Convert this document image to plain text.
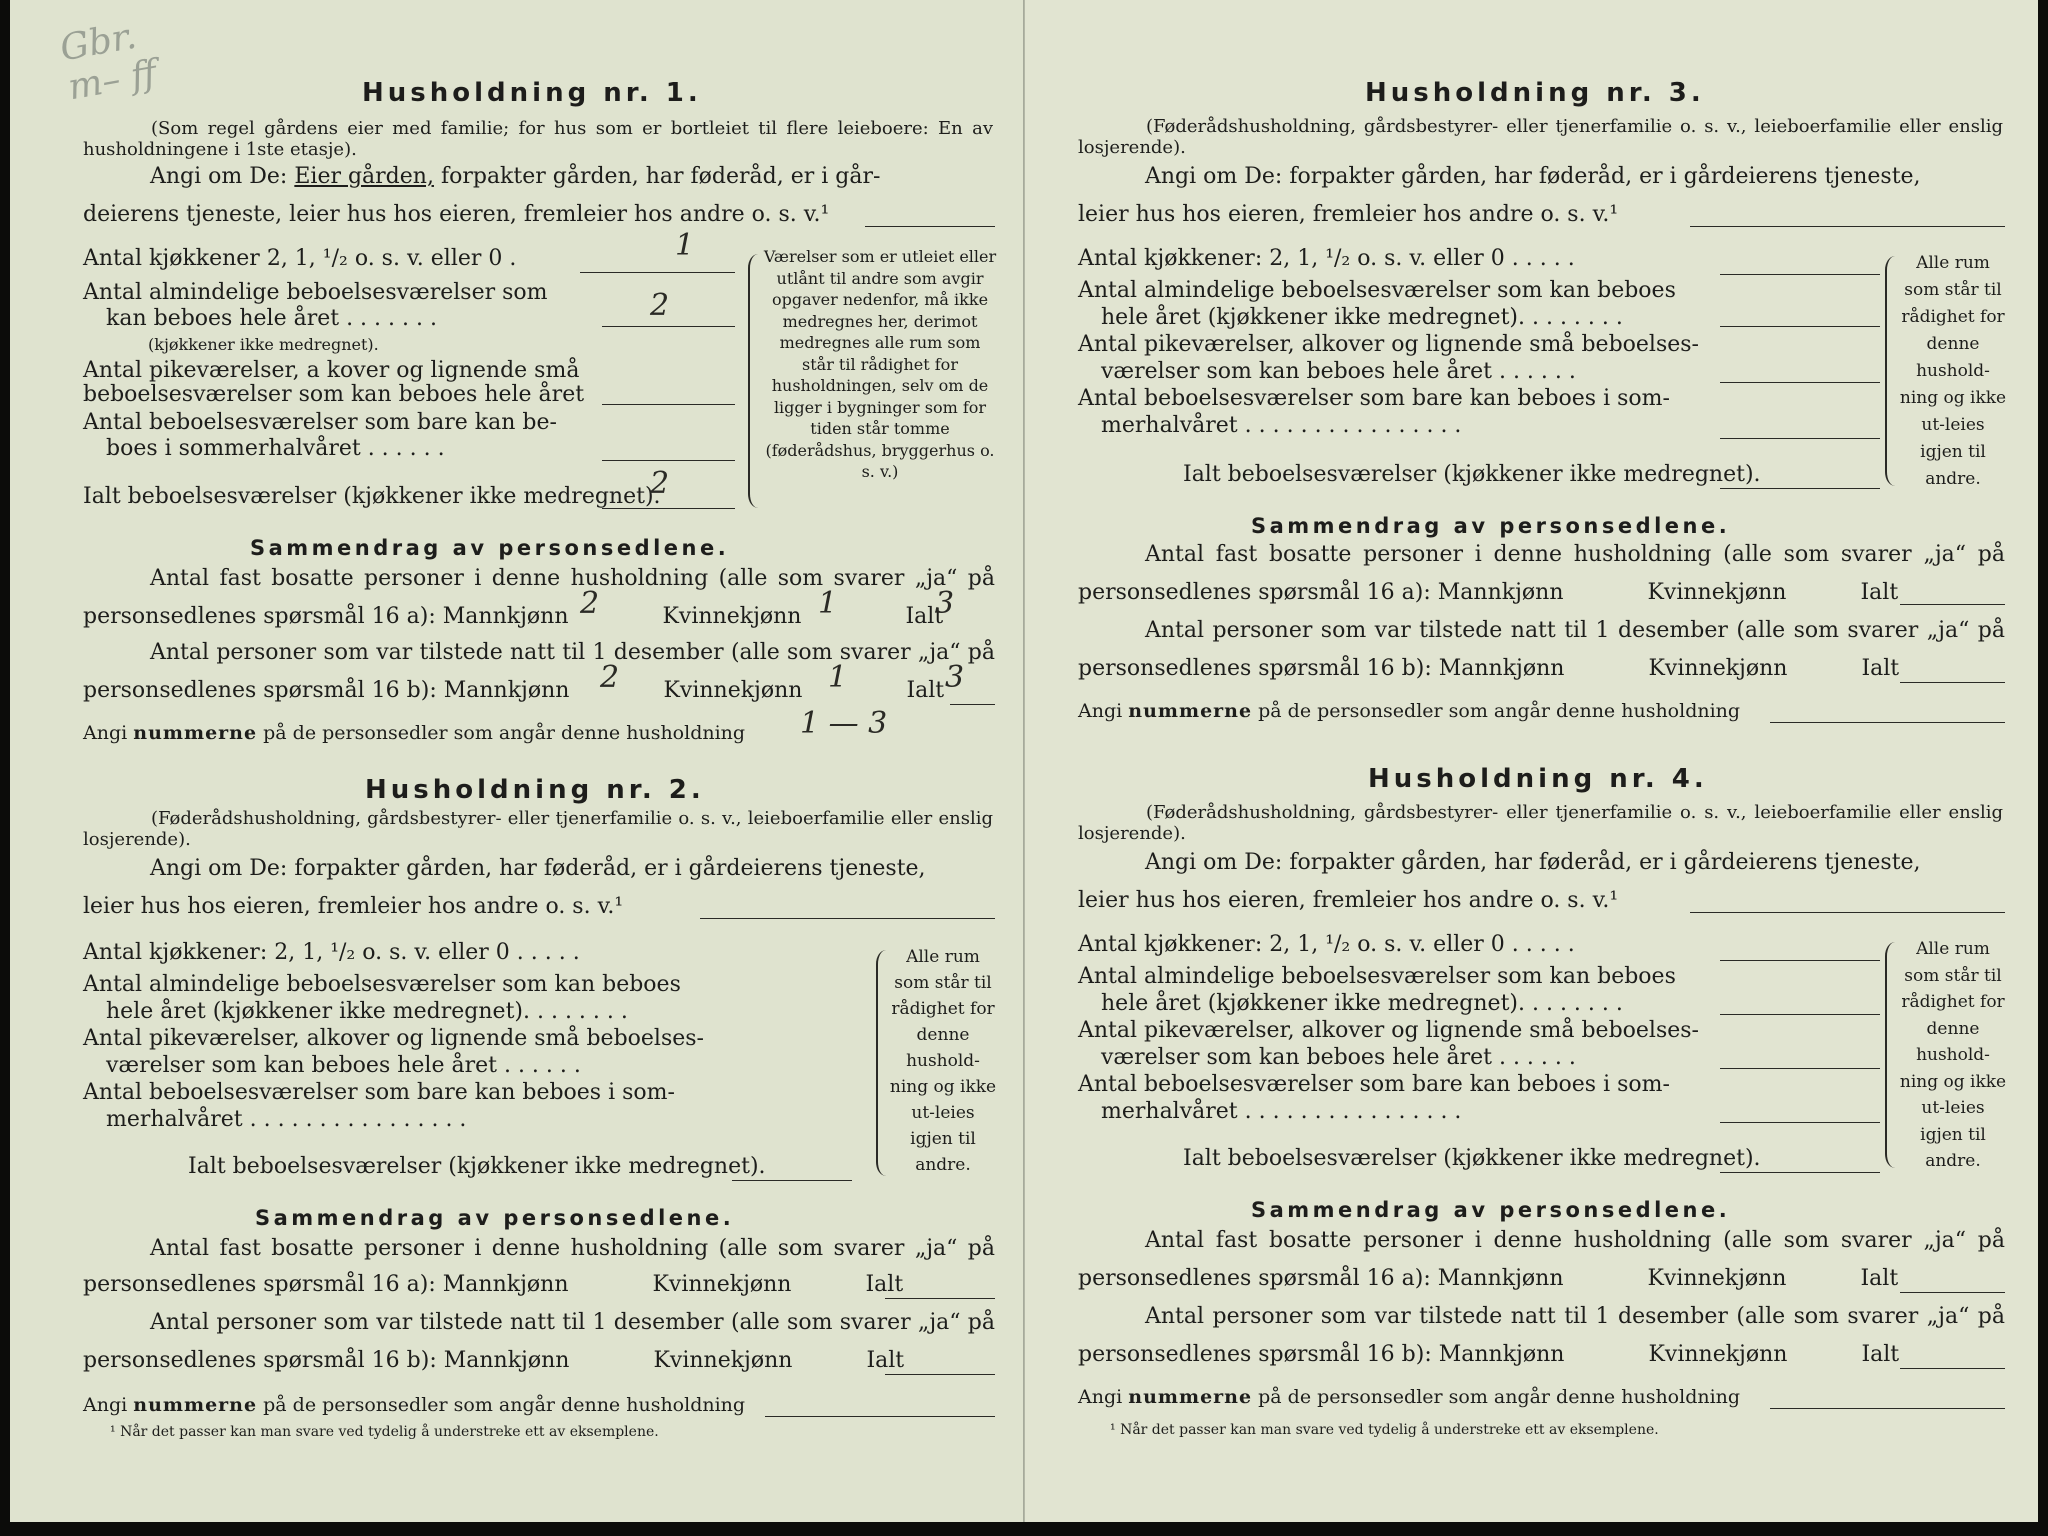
Gbr.
m– ff	Husholdning nr. 1.
(Som regel gårdens eier med familie; for hus som er bortleiet til flere leieboere: En av husholdningene i 1ste etasje).
Angi om De: Eier gården, forpakter gården, har føderåd, er i går-
deierens tjeneste, leier hus hos eieren, fremleier hos andre o. s. v.¹
Antal kjøkkener 2, 1, ¹/₂ o. s. v. eller 0 .	1
Antal almindelige beboelsesværelser som
kan beboes hele året . . . . . . .
(kjøkkener ikke medregnet).
2
Antal pikeværelser, a kover og lignende små
beboelsesværelser som kan beboes hele året
Antal beboelsesværelser som bare kan be-
boes i sommerhalvåret . . . . . .
Ialt beboelsesværelser (kjøkkener ikke medregnet).
2
Værelser som er utleiet eller utlånt til andre som avgir opgaver nedenfor, må ikke medregnes her, derimot medregnes alle rum som står til rådighet for husholdningen, selv om de ligger i bygninger som for tiden står tomme (føderådshus, bryggerhus o. s. v.)
Sammendrag av personsedlene.
Antal fast bosatte personer i denne husholdning (alle som svarer „ja“ på
personsedlenes spørsmål 16 a): Mannkjønn	Kvinnekjønn	Ialt
2	1	3
Antal personer som var tilstede natt til 1 desember (alle som svarer „ja“ på
personsedlenes spørsmål 16 b): Mannkjønn	Kvinnekjønn	Ialt
2	1	3
Angi nummerne på de personsedler som angår denne husholdning 1 — 3
Husholdning nr. 2.
(Føderådshusholdning, gårdsbestyrer- eller tjenerfamilie o. s. v., leieboerfamilie eller enslig losjerende).
Angi om De: forpakter gården, har føderåd, er i gårdeierens tjeneste,
leier hus hos eieren, fremleier hos andre o. s. v.¹
Antal kjøkkener: 2, 1, ¹/₂ o. s. v. eller 0 . . . . .
Antal almindelige beboelsesværelser som kan beboes
hele året (kjøkkener ikke medregnet). . . . . . . .
Antal pikeværelser, alkover og lignende små beboelses-
værelser som kan beboes hele året . . . . . .
Antal beboelsesværelser som bare kan beboes i som-
merhalvåret . . . . . . . . . . . . . . . .
Ialt beboelsesværelser (kjøkkener ikke medregnet).
Alle rum som står til rådighet for denne hushold-ning og ikke ut-leies igjen til andre.
Sammendrag av personsedlene.
Antal fast bosatte personer i denne husholdning (alle som svarer „ja“ på
personsedlenes spørsmål 16 a): Mannkjønn	Kvinnekjønn	Ialt
Antal personer som var tilstede natt til 1 desember (alle som svarer „ja“ på
personsedlenes spørsmål 16 b): Mannkjønn	Kvinnekjønn	Ialt
Angi nummerne på de personsedler som angår denne husholdning
¹ Når det passer kan man svare ved tydelig å understreke ett av eksemplene.
Husholdning nr. 3.
(Føderådshusholdning, gårdsbestyrer- eller tjenerfamilie o. s. v., leieboerfamilie eller enslig losjerende).
Angi om De: forpakter gården, har føderåd, er i gårdeierens tjeneste,
leier hus hos eieren, fremleier hos andre o. s. v.¹
Antal kjøkkener: 2, 1, ¹/₂ o. s. v. eller 0 . . . . .
Antal almindelige beboelsesværelser som kan beboes
hele året (kjøkkener ikke medregnet). . . . . . . .
Antal pikeværelser, alkover og lignende små beboelses-
værelser som kan beboes hele året . . . . . .
Antal beboelsesværelser som bare kan beboes i som-
merhalvåret . . . . . . . . . . . . . . . .
Ialt beboelsesværelser (kjøkkener ikke medregnet).
Alle rum som står til rådighet for denne hushold-ning og ikke ut-leies igjen til andre.
Sammendrag av personsedlene.
Antal fast bosatte personer i denne husholdning (alle som svarer „ja“ på
personsedlenes spørsmål 16 a): Mannkjønn	Kvinnekjønn	Ialt
Antal personer som var tilstede natt til 1 desember (alle som svarer „ja“ på
personsedlenes spørsmål 16 b): Mannkjønn	Kvinnekjønn	Ialt
Angi nummerne på de personsedler som angår denne husholdning
Husholdning nr. 4.
(Føderådshusholdning, gårdsbestyrer- eller tjenerfamilie o. s. v., leieboerfamilie eller enslig losjerende).
Angi om De: forpakter gården, har føderåd, er i gårdeierens tjeneste,
leier hus hos eieren, fremleier hos andre o. s. v.¹
Antal kjøkkener: 2, 1, ¹/₂ o. s. v. eller 0 . . . . .
Antal almindelige beboelsesværelser som kan beboes
hele året (kjøkkener ikke medregnet). . . . . . . .
Antal pikeværelser, alkover og lignende små beboelses-
værelser som kan beboes hele året . . . . . .
Antal beboelsesværelser som bare kan beboes i som-
merhalvåret . . . . . . . . . . . . . . . .
Ialt beboelsesværelser (kjøkkener ikke medregnet).
Alle rum som står til rådighet for denne hushold-ning og ikke ut-leies igjen til andre.
Sammendrag av personsedlene.
Antal fast bosatte personer i denne husholdning (alle som svarer „ja“ på
personsedlenes spørsmål 16 a): Mannkjønn	Kvinnekjønn	Ialt
Antal personer som var tilstede natt til 1 desember (alle som svarer „ja“ på
personsedlenes spørsmål 16 b): Mannkjønn	Kvinnekjønn	Ialt
Angi nummerne på de personsedler som angår denne husholdning
¹ Når det passer kan man svare ved tydelig å understreke ett av eksemplene.
